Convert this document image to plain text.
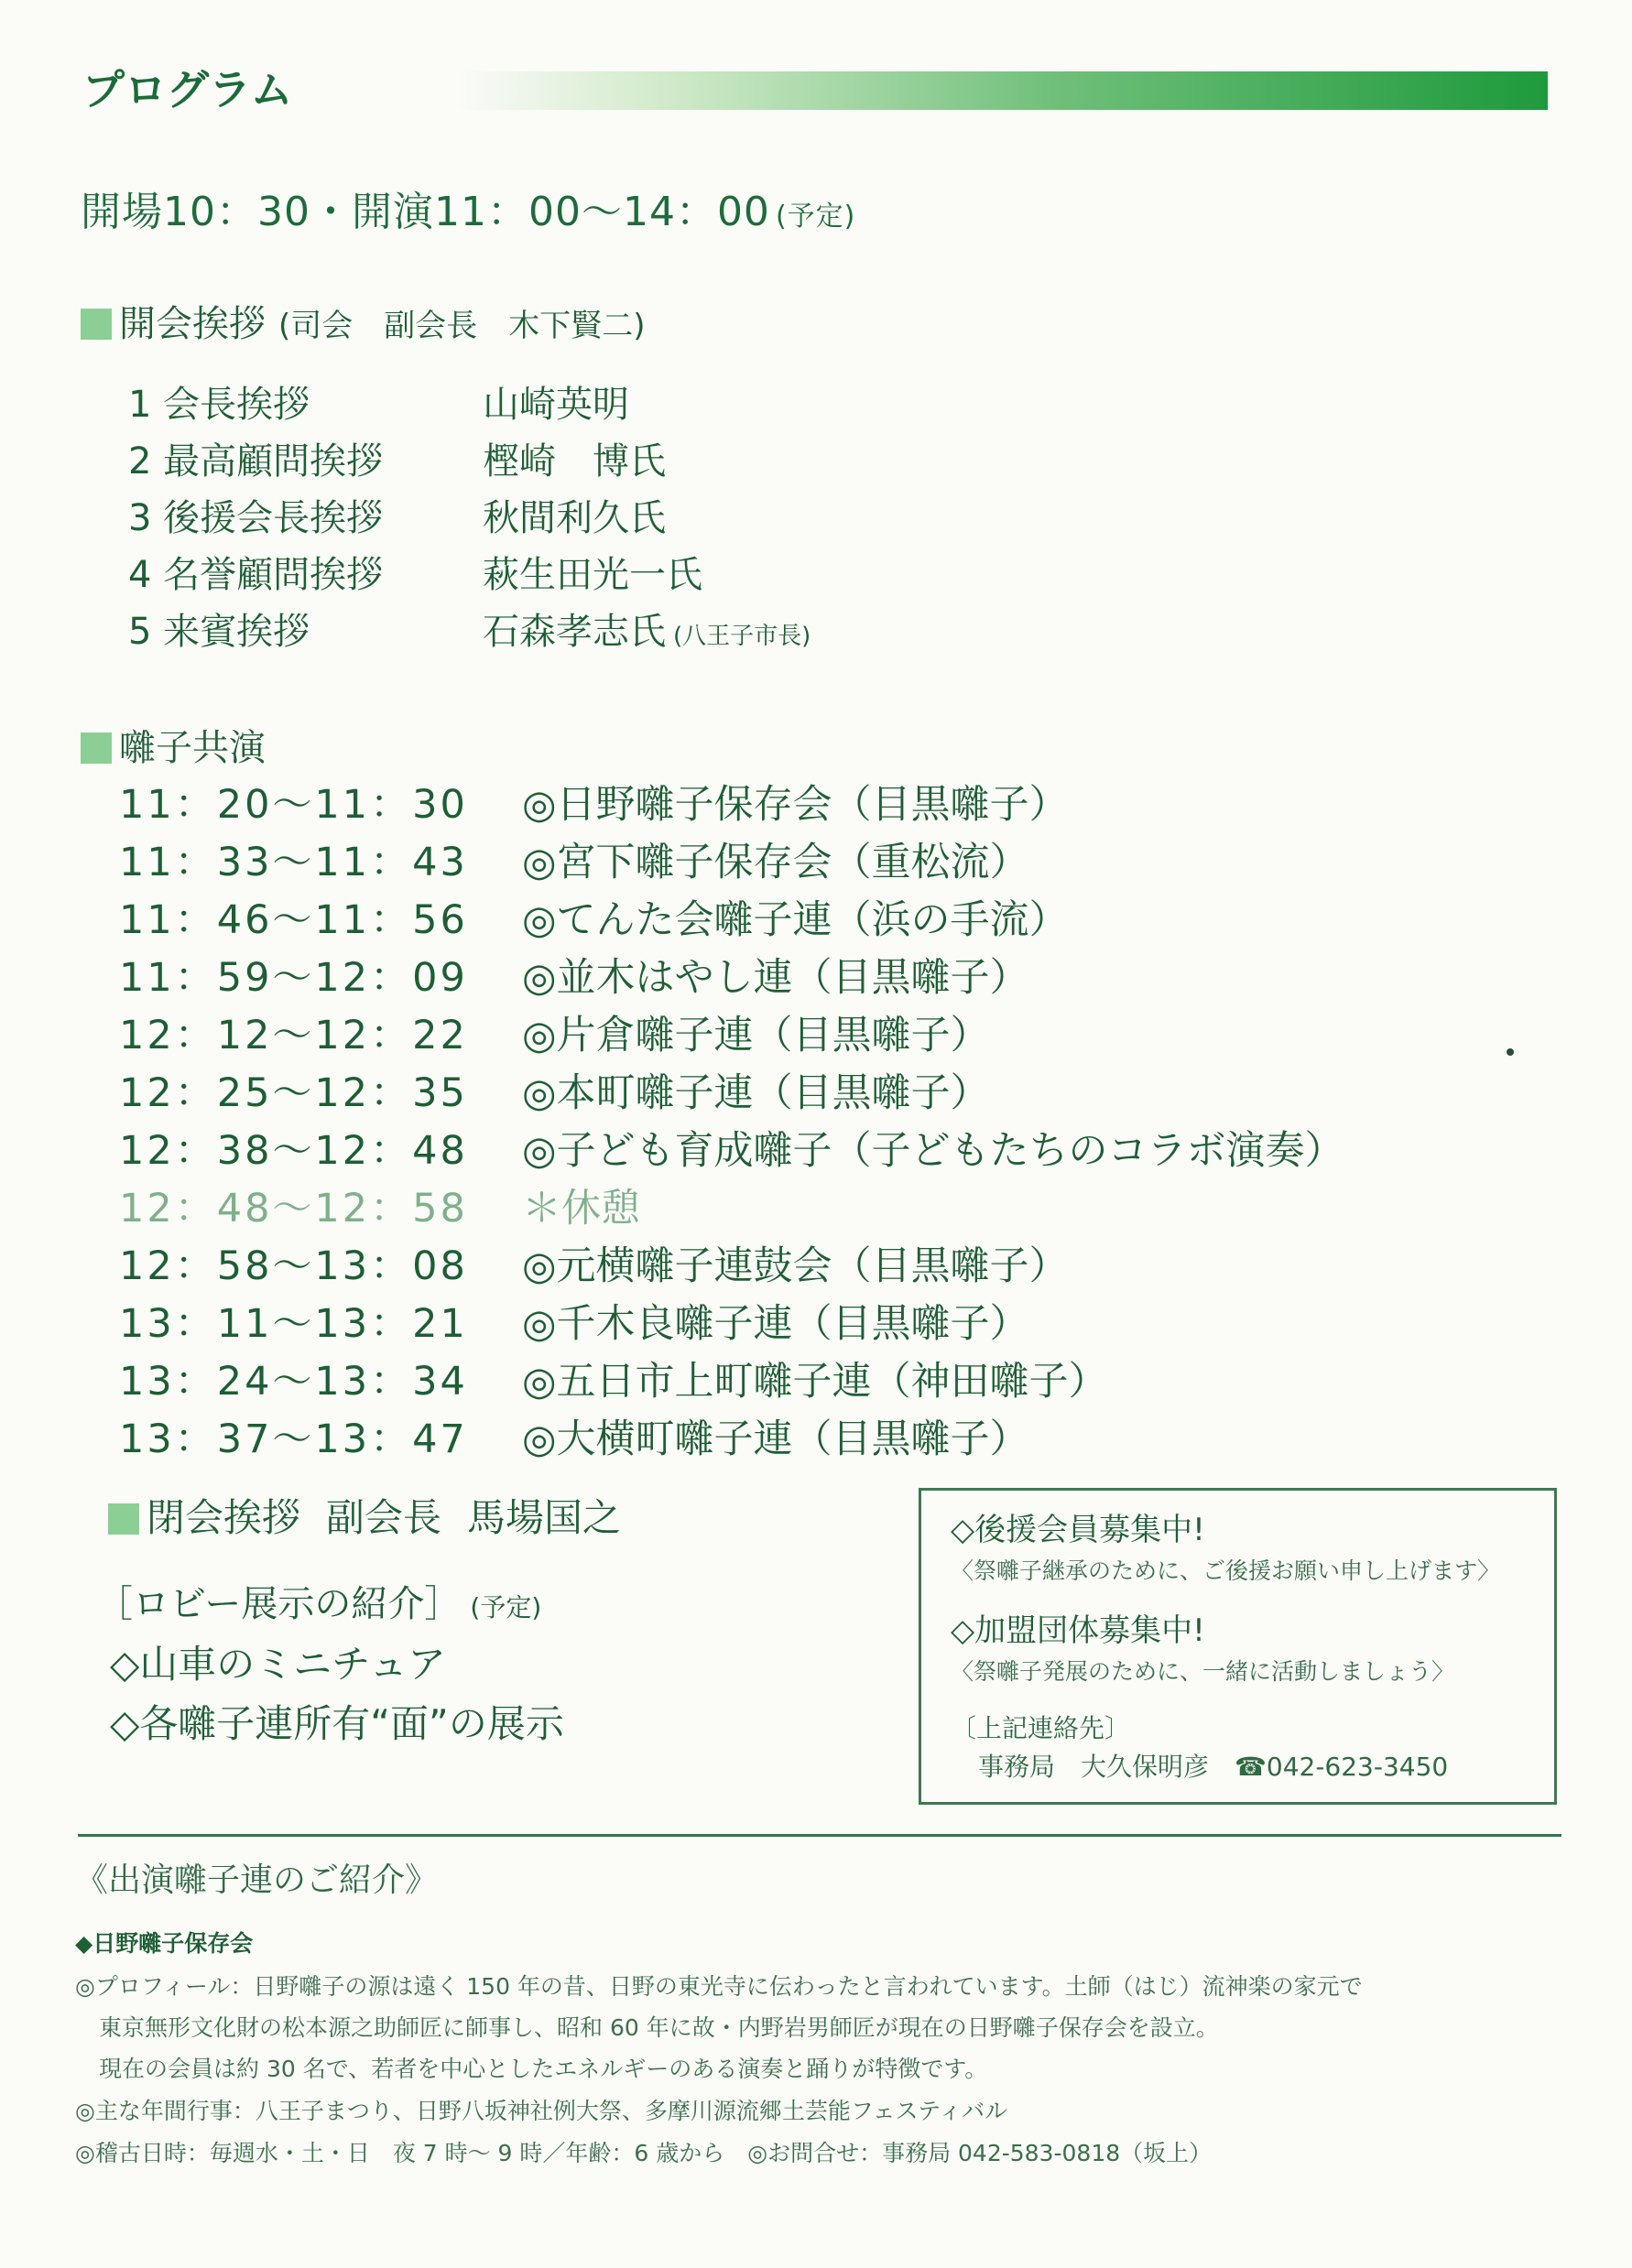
プログラム
開場10：30・開演11：00〜14：00 (予定)
開会挨拶 (司会　副会長　木下賢二)
1 会長挨拶	山崎英明
2 最高顧問挨拶	樫崎　博氏
3 後援会長挨拶	秋間利久氏
4 名誉顧問挨拶	萩生田光一氏
5 来賓挨拶	石森孝志氏 (八王子市長)
囃子共演
11：20〜11：30 ◎日野囃子保存会（目黒囃子）
11：33〜11：43 ◎宮下囃子保存会（重松流）
11：46〜11：56 ◎てんた会囃子連（浜の手流）
11：59〜12：09 ◎並木はやし連（目黒囃子）
12：12〜12：22 ◎片倉囃子連（目黒囃子）
12：25〜12：35 ◎本町囃子連（目黒囃子）
12：38〜12：48 ◎子ども育成囃子（子どもたちのコラボ演奏）
12：48〜12：58 ＊休憩
12：58〜13：08 ◎元横囃子連鼓会（目黒囃子）
13：11〜13：21 ◎千木良囃子連（目黒囃子）
13：24〜13：34 ◎五日市上町囃子連（神田囃子）
13：37〜13：47 ◎大横町囃子連（目黒囃子）
閉会挨拶 副会長 馬場国之
［ロビー展示の紹介］ (予定)
◇山車のミニチュア
◇各囃子連所有“面”の展示
◇後援会員募集中!
〈祭囃子継承のために、ご後援お願い申し上げます〉
◇加盟団体募集中!
〈祭囃子発展のために、一緒に活動しましょう〉
〔上記連絡先〕
事務局　大久保明彦　☎042-623-3450
《出演囃子連のご紹介》
◆日野囃子保存会
◎プロフィール：日野囃子の源は遠く 150 年の昔、日野の東光寺に伝わったと言われています。土師（はじ）流神楽の家元で
東京無形文化財の松本源之助師匠に師事し、昭和 60 年に故・内野岩男師匠が現在の日野囃子保存会を設立。
現在の会員は約 30 名で、若者を中心としたエネルギーのある演奏と踊りが特徴です。
◎主な年間行事：八王子まつり、日野八坂神社例大祭、多摩川源流郷土芸能フェスティバル
◎稽古日時：毎週水・土・日　夜 7 時〜 9 時／年齢：6 歳から　◎お問合せ：事務局 042-583-0818（坂上）
